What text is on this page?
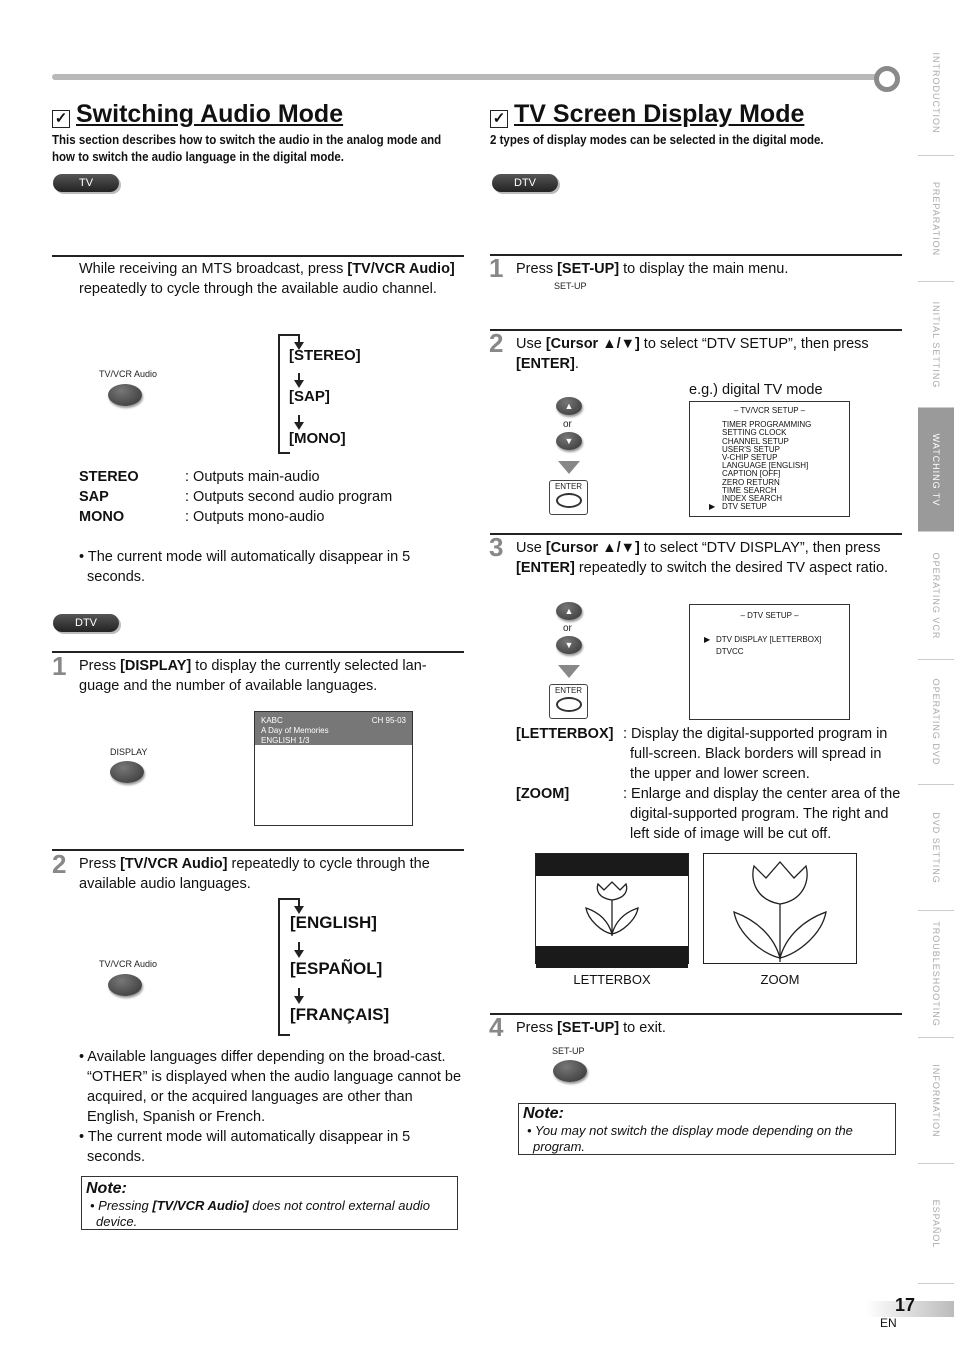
✓ Switching Audio Mode
This section describes how to switch the audio in the analog mode and how to switch the audio language in the digital mode.
TV
While receiving an MTS broadcast, press [TV/VCR Audio] repeatedly to cycle through the available audio channel.
TV/VCR Audio
[STEREO]
[SAP]
[MONO]
STEREO	: Outputs main-audio
SAP	: Outputs second audio program
MONO	: Outputs mono-audio
• The current mode will automatically disappear in 5 seconds.
DTV
1 Press [DISPLAY] to display the currently selected lan-guage and the number of available languages.
DISPLAY
KABC
A Day of Memories
ENGLISH 1/3
CH 95-03
2 Press [TV/VCR Audio] repeatedly to cycle through the available audio languages.
TV/VCR Audio
[ENGLISH]
[ESPAÑOL]
[FRANÇAIS]
• Available languages differ depending on the broad-cast. “OTHER” is displayed when the audio language cannot be acquired, or the acquired languages are other than English, Spanish or French.
• The current mode will automatically disappear in 5 seconds.
Note:
• Pressing [TV/VCR Audio] does not control external audio device.
✓ TV Screen Display Mode
2 types of display modes can be selected in the digital mode.
DTV
1 Press [SET-UP] to display the main menu.
SET-UP
2 Use [Cursor ▲/▼] to select “DTV SETUP”, then press [ENTER].
e.g.) digital TV mode
▲
or
▼
ENTER
– TV/VCR SETUP –
TIMER PROGRAMMING
SETTING CLOCK
CHANNEL SETUP
USER'S SETUP
V-CHIP SETUP
LANGUAGE [ENGLISH]
CAPTION [OFF]
ZERO RETURN
TIME SEARCH
INDEX SEARCH
▶ DTV SETUP
3 Use [Cursor ▲/▼] to select “DTV DISPLAY”, then press [ENTER] repeatedly to switch the desired TV aspect ratio.
▲
or
▼
ENTER
– DTV SETUP –
▶ DTV DISPLAY [LETTERBOX]
DTVCC
[LETTERBOX] : Display the digital-supported program in full-screen. Black borders will spread in the upper and lower screen.
[ZOOM]	: Enlarge and display the center area of the digital-supported program. The right and left side of image will be cut off.
LETTERBOX	ZOOM
4 Press [SET-UP] to exit.
SET-UP
Note:
• You may not switch the display mode depending on the program.
INTRODUCTION
PREPARATION
INITIAL SETTING
WATCHING TV
OPERATING VCR
OPERATING DVD
DVD SETTING
TROUBLESHOOTING
INFORMATION
ESPAÑOL
17
EN
